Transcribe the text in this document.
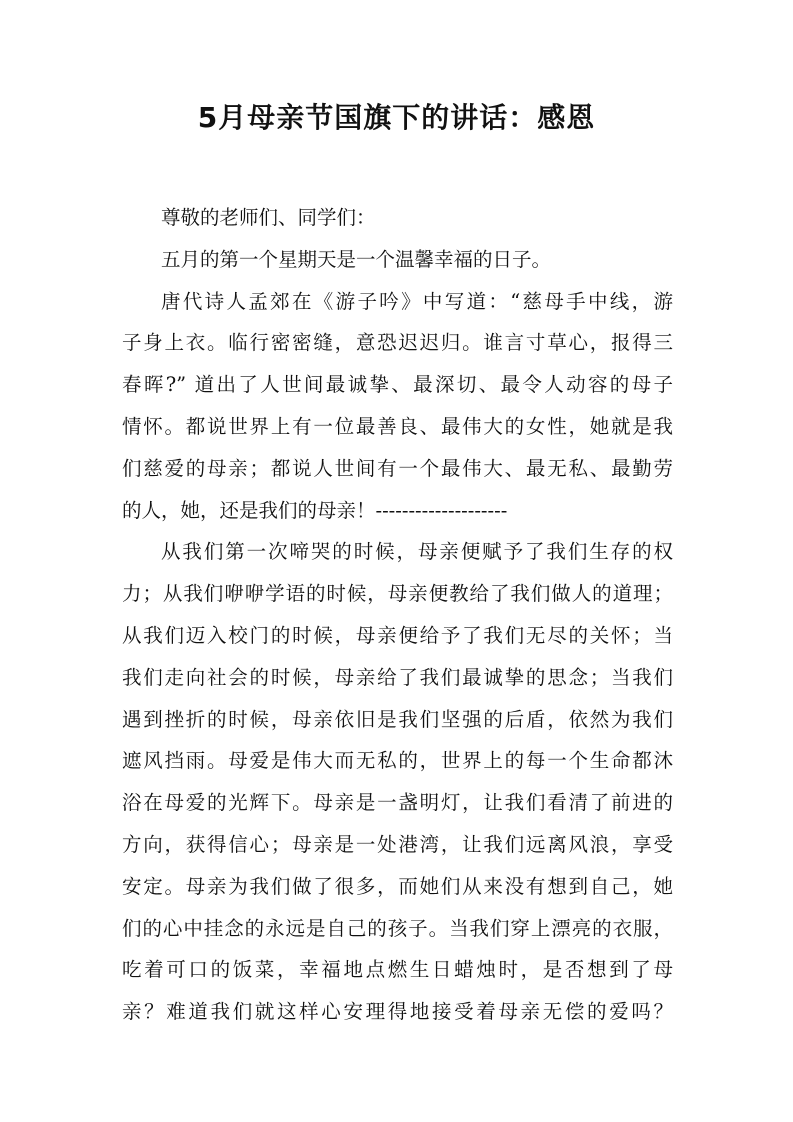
5月母亲节国旗下的讲话：感恩
尊敬的老师们、同学们：
五月的第一个星期天是一个温馨幸福的日子。
唐代诗人孟郊在《游子吟》中写道：“慈母手中线，游
子身上衣。临行密密缝，意恐迟迟归。谁言寸草心，报得三
春晖?” 道出了人世间最诚挚、最深切、最令人动容的母子
情怀。都说世界上有一位最善良、最伟大的女性，她就是我
们慈爱的母亲；都说人世间有一个最伟大、最无私、最勤劳
的人，她，还是我们的母亲！--------------------
从我们第一次啼哭的时候，母亲便赋予了我们生存的权
力；从我们咿咿学语的时候，母亲便教给了我们做人的道理；
从我们迈入校门的时候，母亲便给予了我们无尽的关怀；当
我们走向社会的时候，母亲给了我们最诚挚的思念；当我们
遇到挫折的时候，母亲依旧是我们坚强的后盾，依然为我们
遮风挡雨。母爱是伟大而无私的，世界上的每一个生命都沐
浴在母爱的光辉下。母亲是一盏明灯，让我们看清了前进的
方向，获得信心；母亲是一处港湾，让我们远离风浪，享受
安定。母亲为我们做了很多，而她们从来没有想到自己，她
们的心中挂念的永远是自己的孩子。当我们穿上漂亮的衣服，
吃着可口的饭菜，幸福地点燃生日蜡烛时，是否想到了母
亲？难道我们就这样心安理得地接受着母亲无偿的爱吗？
